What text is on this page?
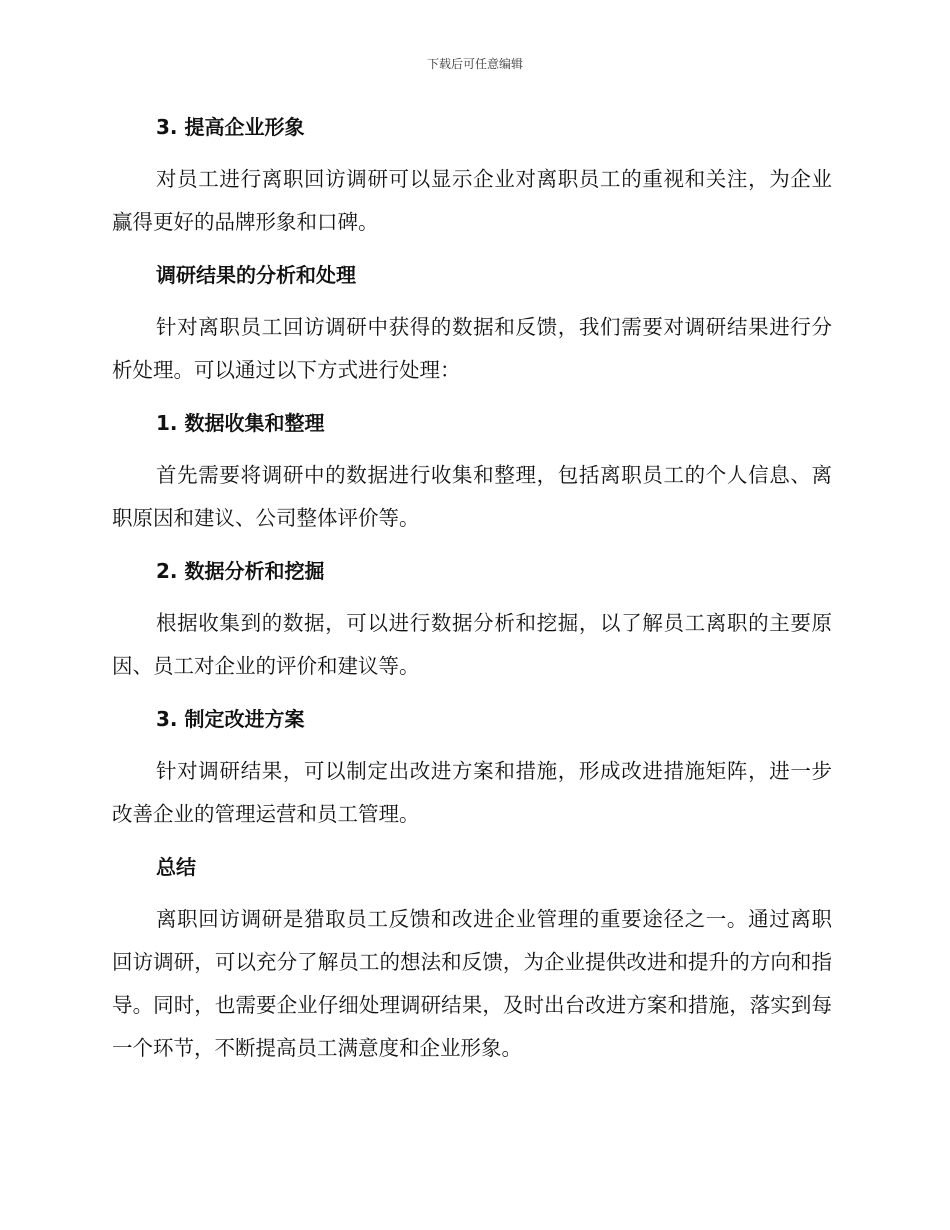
下载后可任意编辑
3. 提高企业形象

对员工进行离职回访调研可以显示企业对离职员工的重视和关注，为企业赢得更好的品牌形象和口碑。

调研结果的分析和处理

针对离职员工回访调研中获得的数据和反馈，我们需要对调研结果进行分析处理。可以通过以下方式进行处理：

1. 数据收集和整理

首先需要将调研中的数据进行收集和整理，包括离职员工的个人信息、离职原因和建议、公司整体评价等。

2. 数据分析和挖掘

根据收集到的数据，可以进行数据分析和挖掘，以了解员工离职的主要原因、员工对企业的评价和建议等。

3. 制定改进方案

针对调研结果，可以制定出改进方案和措施，形成改进措施矩阵，进一步改善企业的管理运营和员工管理。

总结

离职回访调研是猎取员工反馈和改进企业管理的重要途径之一。通过离职回访调研，可以充分了解员工的想法和反馈，为企业提供改进和提升的方向和指导。同时，也需要企业仔细处理调研结果，及时出台改进方案和措施，落实到每一个环节，不断提高员工满意度和企业形象。
